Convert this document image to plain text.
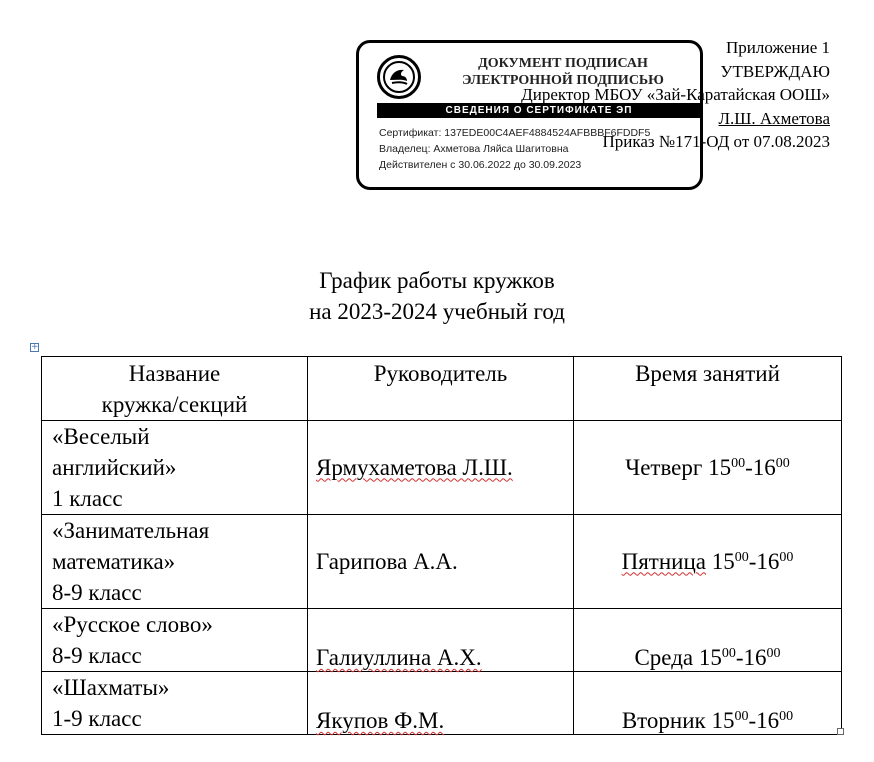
ДОКУМЕНТ ПОДПИСАН
ЭЛЕКТРОННОЙ ПОДПИСЬЮ
СВЕДЕНИЯ О СЕРТИФИКАТЕ ЭП
Сертификат: 137EDE00C4AEF4884524AFBBBF6FDDF5
Владелец: Ахметова Ляйса Шагитовна
Действителен с 30.06.2022 до 30.09.2023
Приложение 1
УТВЕРЖДАЮ
Директор МБОУ «Зай-Каратайская ООШ»
Л.Ш. Ахметова
Приказ №171-ОД от 07.08.2023
График работы кружков
на 2023-2024 учебный год
+
Название
кружка/секций	Руководитель	Время занятий

«Веселый
английский»
1 класс	Ярмухаметова Л.Ш.	Четверг $15^{00}-16^{00}$

«Занимательная
математика»
8-9 класс	Гарипова А.А.	Пятница $15^{00}-16^{00}$

«Русское слово»
8-9 класс	Галиуллина А.Х.	Среда $15^{00}-16^{00}$

«Шахматы»
1-9 класс	Якупов Ф.М.	Вторник $15^{00}-16^{00}$
